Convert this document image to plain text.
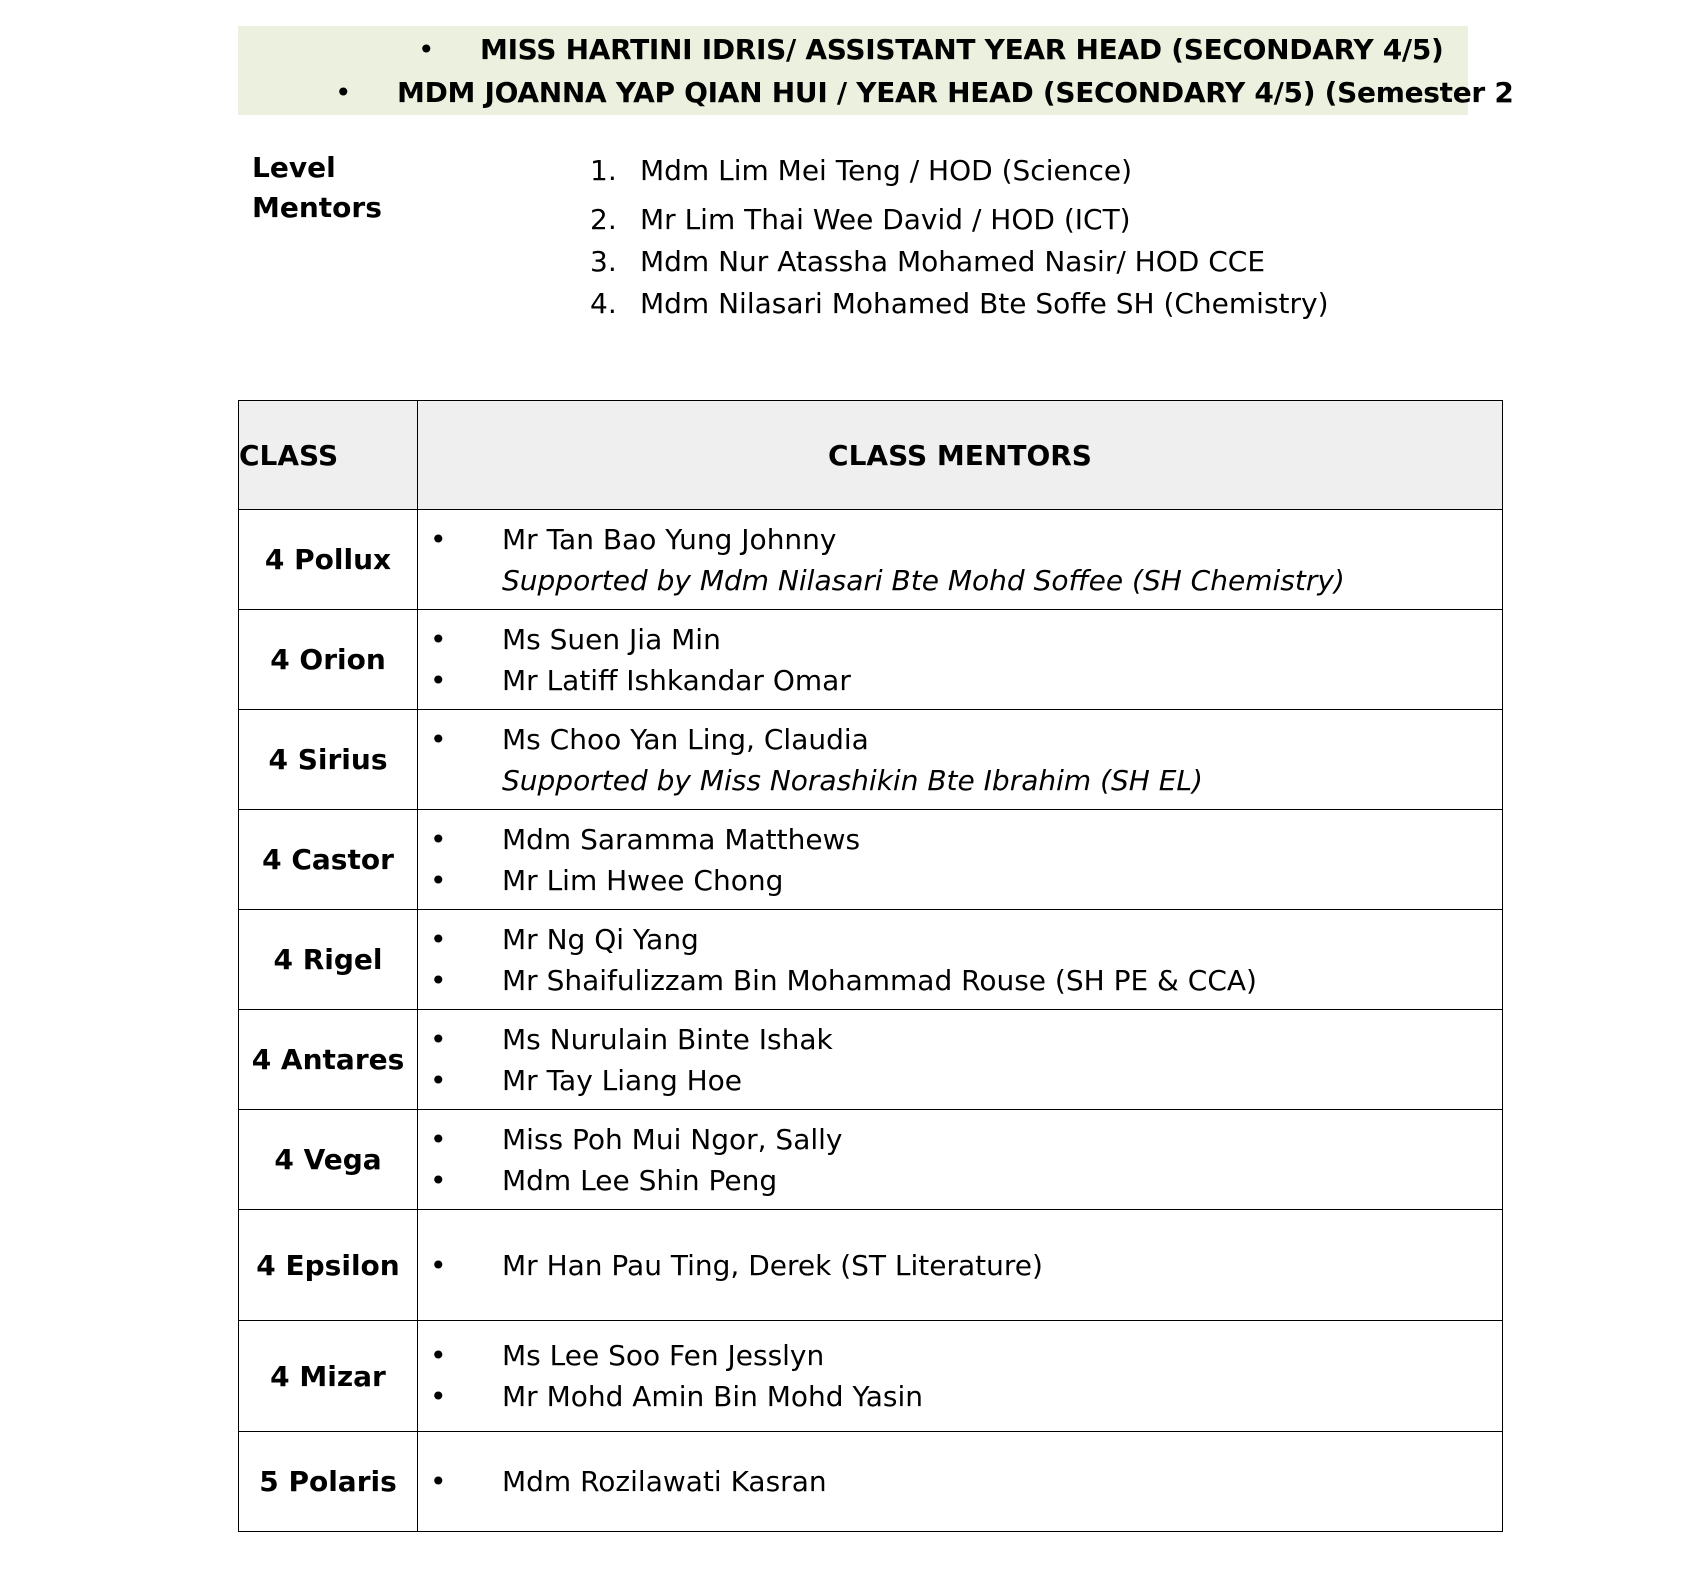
• MISS HARTINI IDRIS/ ASSISTANT YEAR HEAD (SECONDARY 4/5)
• MDM JOANNA YAP QIAN HUI / YEAR HEAD (SECONDARY 4/5) (Semester 2
Level
Mentors
1. Mdm Lim Mei Teng / HOD (Science)
2. Mr Lim Thai Wee David / HOD (ICT)
3. Mdm Nur Atassha Mohamed Nasir/ HOD CCE
4. Mdm Nilasari Mohamed Bte Soffe SH (Chemistry)
CLASS	CLASS MENTORS
4 Pollux	• Mr Tan Bao Yung Johnny
Supported by Mdm Nilasari Bte Mohd Soffee (SH Chemistry)

4 Orion	• Ms Suen Jia Min
• Mr Latiff Ishkandar Omar

4 Sirius	• Ms Choo Yan Ling, Claudia
Supported by Miss Norashikin Bte Ibrahim (SH EL)

4 Castor	• Mdm Saramma Matthews
• Mr Lim Hwee Chong

4 Rigel	• Mr Ng Qi Yang
• Mr Shaifulizzam Bin Mohammad Rouse (SH PE & CCA)

4 Antares	• Ms Nurulain Binte Ishak
• Mr Tay Liang Hoe

4 Vega	• Miss Poh Mui Ngor, Sally
• Mdm Lee Shin Peng

4 Epsilon	• Mr Han Pau Ting, Derek (ST Literature)

4 Mizar	• Ms Lee Soo Fen Jesslyn
• Mr Mohd Amin Bin Mohd Yasin

5 Polaris	• Mdm Rozilawati Kasran
